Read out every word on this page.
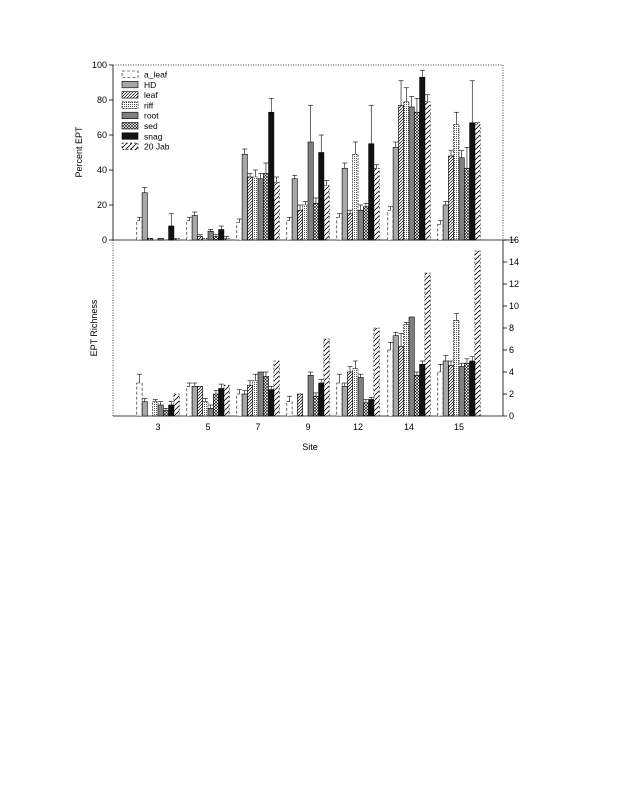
0
20
40
60
80
100
a_leaf
HD
leaf
riff
root
sed
snag
20 Jab
3	5	7	9	12	14	15
0
2
4
6
8
10
12
14
16
Percent EPT
EPT Richness
Site
